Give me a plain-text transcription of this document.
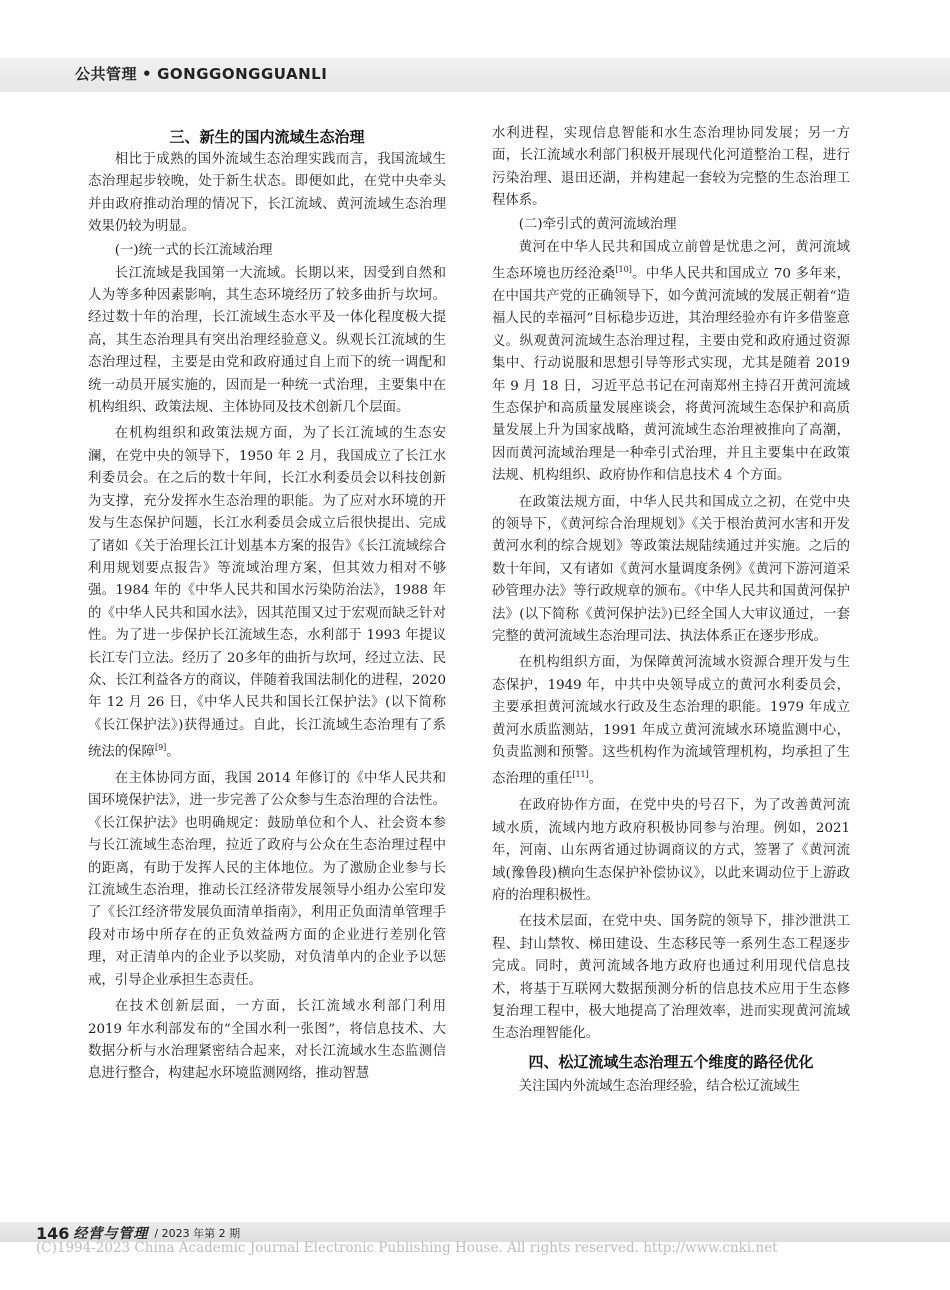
公共管理 • GONGGONGGUANLI
三、新生的国内流域生态治理

相比于成熟的国外流域生态治理实践而言，我国流域生态治理起步较晚，处于新生状态。即便如此，在党中央牵头并由政府推动治理的情况下，长江流域、黄河流域生态治理效果仍较为明显。

(一)统一式的长江流域治理

长江流域是我国第一大流域。长期以来，因受到自然和人为等多种因素影响，其生态环境经历了较多曲折与坎坷。经过数十年的治理，长江流域生态水平及一体化程度极大提高，其生态治理具有突出治理经验意义。纵观长江流域的生态治理过程，主要是由党和政府通过自上而下的统一调配和统一动员开展实施的，因而是一种统一式治理，主要集中在机构组织、政策法规、主体协同及技术创新几个层面。

在机构组织和政策法规方面，为了长江流域的生态安澜，在党中央的领导下，1950 年 2 月，我国成立了长江水利委员会。在之后的数十年间，长江水利委员会以科技创新为支撑，充分发挥水生态治理的职能。为了应对水环境的开发与生态保护问题，长江水利委员会成立后很快提出、完成了诸如《关于治理长江计划基本方案的报告》《长江流域综合利用规划要点报告》等流域治理方案，但其效力相对不够强。1984 年的《中华人民共和国水污染防治法》，1988 年的《中华人民共和国水法》，因其范围又过于宏观而缺乏针对性。为了进一步保护长江流域生态，水利部于 1993 年提议长江专门立法。经历了 20多年的曲折与坎坷，经过立法、民众、长江利益各方的商议，伴随着我国法制化的进程，2020 年 12 月 26 日，《中华人民共和国长江保护法》(以下简称《长江保护法》)获得通过。自此，长江流域生态治理有了系统法的保障[9]。

在主体协同方面，我国 2014 年修订的《中华人民共和国环境保护法》，进一步完善了公众参与生态治理的合法性。《长江保护法》也明确规定：鼓励单位和个人、社会资本参与长江流域生态治理，拉近了政府与公众在生态治理过程中的距离，有助于发挥人民的主体地位。为了激励企业参与长江流域生态治理，推动长江经济带发展领导小组办公室印发了《长江经济带发展负面清单指南》，利用正负面清单管理手段对市场中所存在的正负效益两方面的企业进行差别化管理，对正清单内的企业予以奖励，对负清单内的企业予以惩戒，引导企业承担生态责任。

在技术创新层面，一方面，长江流域水利部门利用 2019 年水利部发布的“全国水利一张图”，将信息技术、大数据分析与水治理紧密结合起来，对长江流域水生态监测信息进行整合，构建起水环境监测网络，推动智慧

水利进程，实现信息智能和水生态治理协同发展；另一方面，长江流域水利部门积极开展现代化河道整治工程，进行污染治理、退田还湖，并构建起一套较为完整的生态治理工程体系。

(二)牵引式的黄河流域治理

黄河在中华人民共和国成立前曾是忧患之河，黄河流域生态环境也历经沧桑[10]。中华人民共和国成立 70 多年来，在中国共产党的正确领导下，如今黄河流域的发展正朝着“造福人民的幸福河”目标稳步迈进，其治理经验亦有许多借鉴意义。纵观黄河流域生态治理过程，主要由党和政府通过资源集中、行动说服和思想引导等形式实现，尤其是随着 2019 年 9 月 18 日，习近平总书记在河南郑州主持召开黄河流域生态保护和高质量发展座谈会，将黄河流域生态保护和高质量发展上升为国家战略，黄河流域生态治理被推向了高潮，因而黄河流域治理是一种牵引式治理，并且主要集中在政策法规、机构组织、政府协作和信息技术 4 个方面。

在政策法规方面，中华人民共和国成立之初，在党中央的领导下，《黄河综合治理规划》《关于根治黄河水害和开发黄河水利的综合规划》等政策法规陆续通过并实施。之后的数十年间，又有诸如《黄河水量调度条例》《黄河下游河道采砂管理办法》等行政规章的颁布。《中华人民共和国黄河保护法》(以下简称《黄河保护法》)已经全国人大审议通过，一套完整的黄河流域生态治理司法、执法体系正在逐步形成。

在机构组织方面，为保障黄河流域水资源合理开发与生态保护，1949 年，中共中央领导成立的黄河水利委员会，主要承担黄河流域水行政及生态治理的职能。1979 年成立黄河水质监测站，1991 年成立黄河流域水环境监测中心，负责监测和预警。这些机构作为流域管理机构，均承担了生态治理的重任[11]。

在政府协作方面，在党中央的号召下，为了改善黄河流域水质，流域内地方政府积极协同参与治理。例如，2021 年，河南、山东两省通过协调商议的方式，签署了《黄河流域(豫鲁段)横向生态保护补偿协议》，以此来调动位于上游政府的治理积极性。

在技术层面，在党中央、国务院的领导下，排沙泄洪工程、封山禁牧、梯田建设、生态移民等一系列生态工程逐步完成。同时，黄河流域各地方政府也通过利用现代信息技术，将基于互联网大数据预测分析的信息技术应用于生态修复治理工程中，极大地提高了治理效率，进而实现黄河流域生态治理智能化。

四、松辽流域生态治理五个维度的路径优化

关注国内外流域生态治理经验，结合松辽流域生

146 经营与管理 / 2023 年第 2 期
(C)1994-2023 China Academic Journal Electronic Publishing House. All rights reserved. http://www.cnki.net
